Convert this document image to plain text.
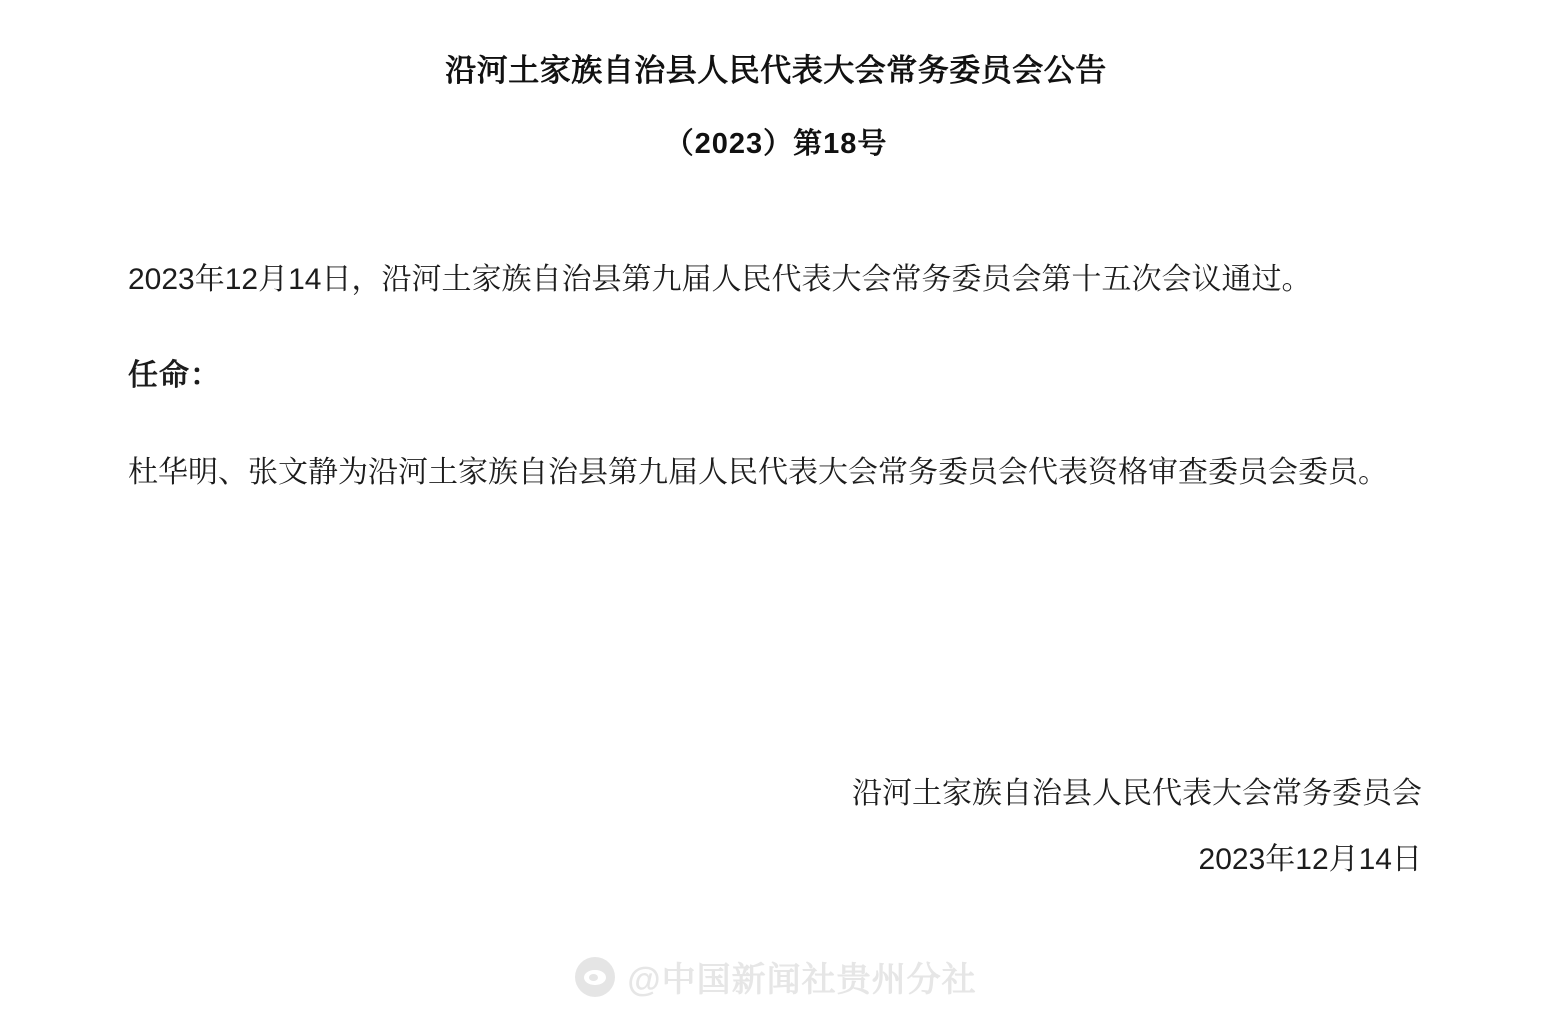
沿河土家族自治县人民代表大会常务委员会公告
（2023）第18号

2023年12月14日，沿河土家族自治县第九届人民代表大会常务委员会第十五次会议通过。

任命：

杜华明、张文静为沿河土家族自治县第九届人民代表大会常务委员会代表资格审查委员会委员。

沿河土家族自治县人民代表大会常务委员会
2023年12月14日
@中国新闻社贵州分社
